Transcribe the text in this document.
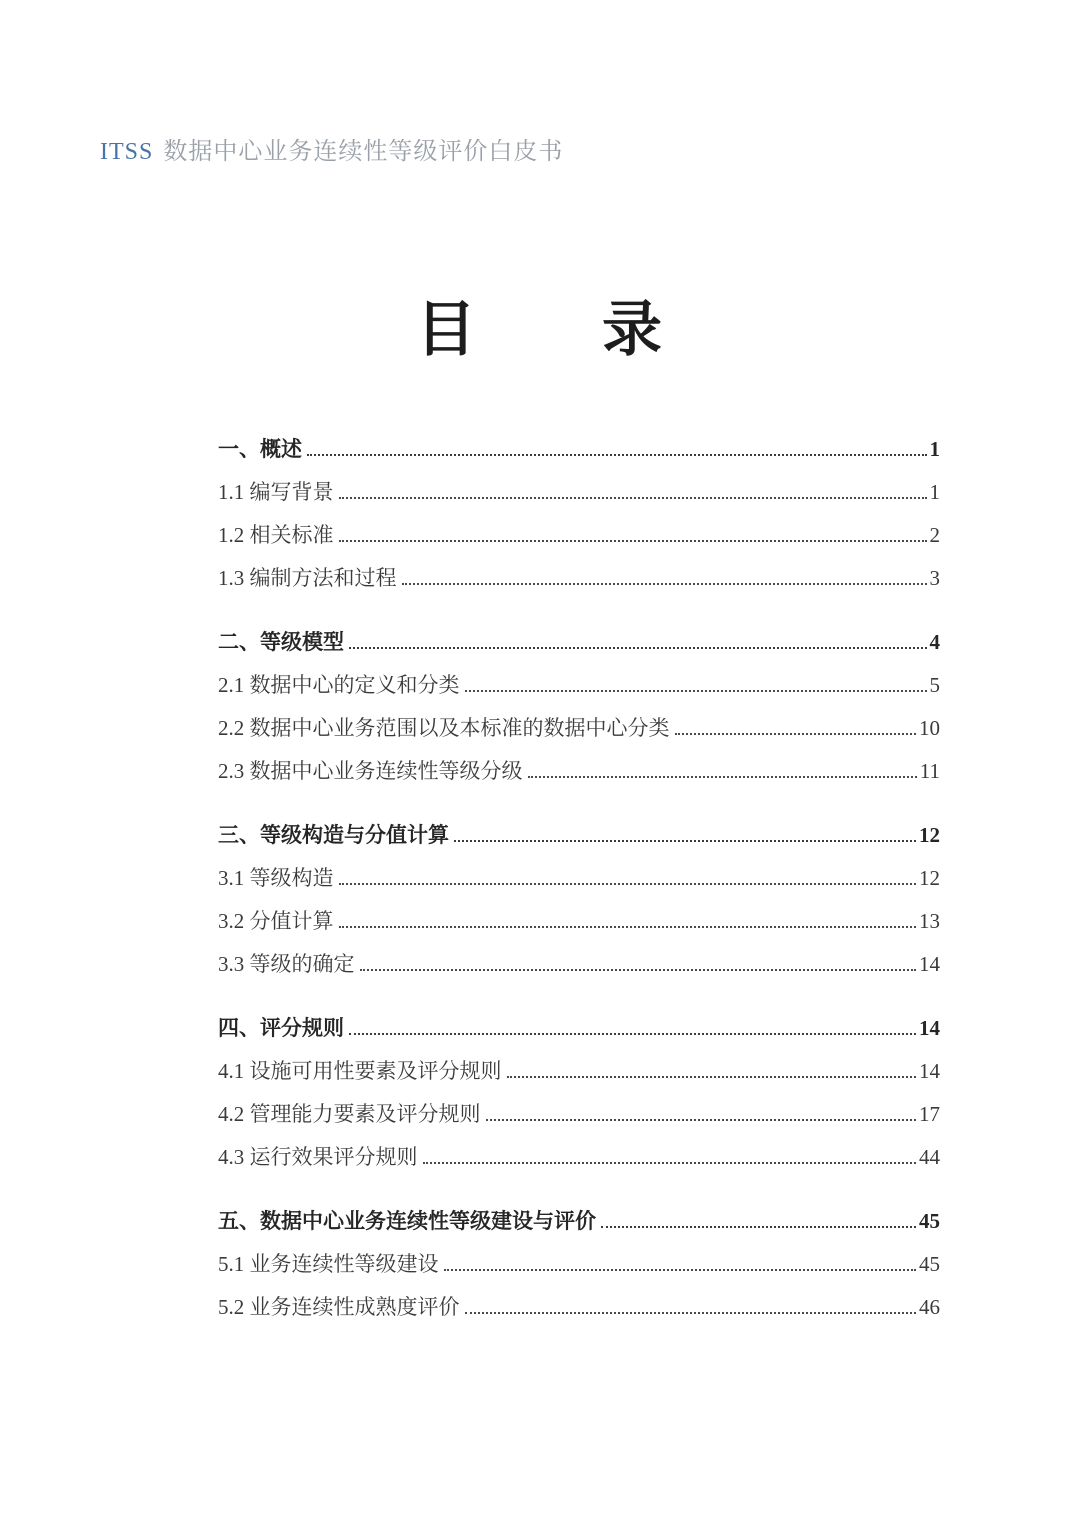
ITSS 数据中心业务连续性等级评价白皮书
目　　录
一、概述	1
1.1 编写背景	1
1.2 相关标准	2
1.3 编制方法和过程	3
二、等级模型	4
2.1 数据中心的定义和分类	5
2.2 数据中心业务范围以及本标准的数据中心分类	10
2.3 数据中心业务连续性等级分级	11
三、等级构造与分值计算	12
3.1 等级构造	12
3.2 分值计算	13
3.3 等级的确定	14
四、评分规则	14
4.1 设施可用性要素及评分规则	14
4.2 管理能力要素及评分规则	17
4.3 运行效果评分规则	44
五、数据中心业务连续性等级建设与评价	45
5.1 业务连续性等级建设	45
5.2 业务连续性成熟度评价	46
